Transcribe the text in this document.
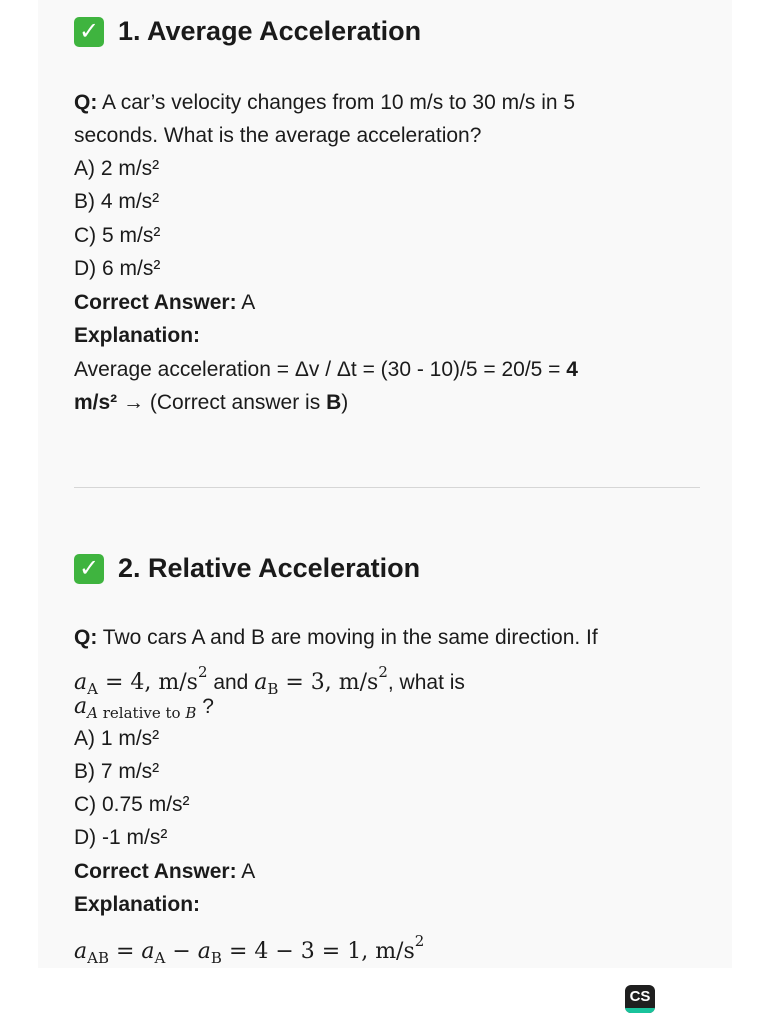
✓ 1. Average Acceleration
Q: A car’s velocity changes from 10 m/s to 30 m/s in 5
seconds. What is the average acceleration?
A) 2 m/s²
B) 4 m/s²
C) 5 m/s²
D) 6 m/s²
Correct Answer: A
Explanation:
Average acceleration = Δv / Δt = (30 - 10)/5 = 20/5 = 4
m/s² → (Correct answer is B)
✓ 2. Relative Acceleration
Q: Two cars A and B are moving in the same direction. If
$a_A = 4$, $m/s^2$ and $a_B = 3$, $m/s^2$, what is
$a_{A relative to B}$ ?
A) 1 m/s²
B) 7 m/s²
C) 0.75 m/s²
D) -1 m/s²
Correct Answer: A
Explanation:
$a_{AB} = a_A - a_B = 4 - 3 = 1$, $m/s^2$
CS
